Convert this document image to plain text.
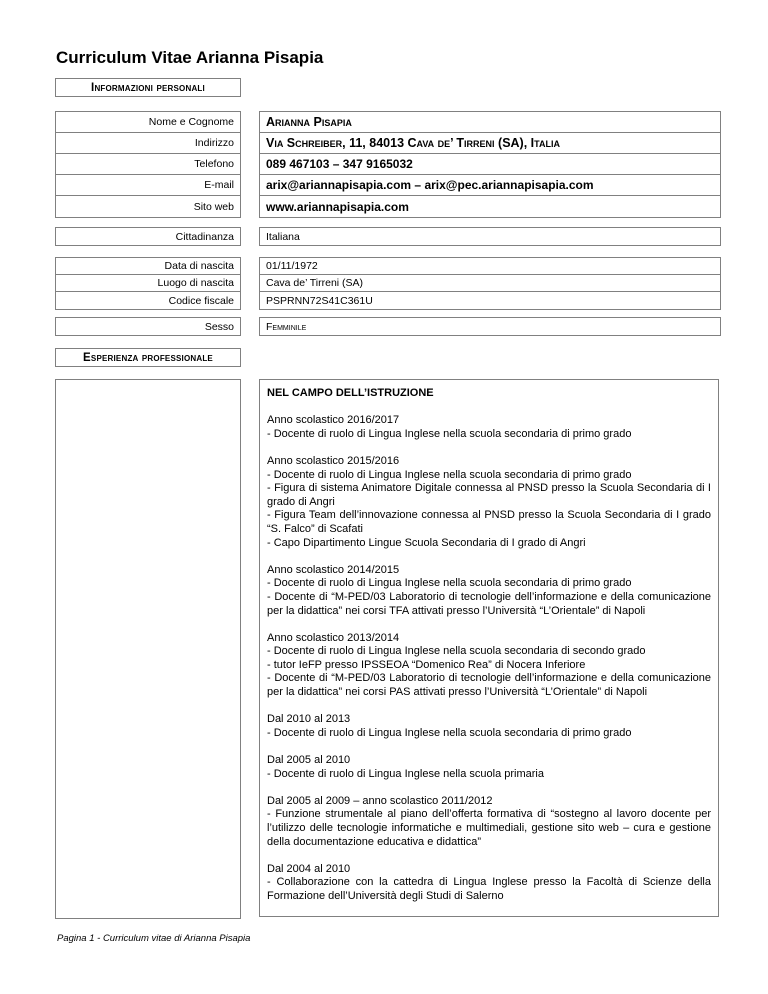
Curriculum Vitae Arianna Pisapia
Informazioni personali
Nome e Cognome
Indirizzo
Telefono
E-mail
Sito web
Arianna Pisapia
Via Schreiber, 11, 84013 Cava de’ Tirreni (SA), Italia
089 467103 – 347 9165032
arix@ariannapisapia.com – arix@pec.ariannapisapia.com
www.ariannapisapia.com
Cittadinanza	Italiana
Data di nascita
Luogo di nascita
Codice fiscale
01/11/1972
Cava de’ Tirreni (SA)
PSPRNN72S41C361U
Sesso	Femminile
Esperienza professionale
NEL CAMPO DELL’ISTRUZIONE
Anno scolastico 2016/2017
- Docente di ruolo di Lingua Inglese nella scuola secondaria di primo grado
Anno scolastico 2015/2016
- Docente di ruolo di Lingua Inglese nella scuola secondaria di primo grado
- Figura di sistema Animatore Digitale connessa al PNSD presso la Scuola Secondaria di I grado di Angri
- Figura Team dell’innovazione connessa al PNSD presso la Scuola Secondaria di I grado “S. Falco” di Scafati
- Capo Dipartimento Lingue Scuola Secondaria di I grado di Angri
Anno scolastico 2014/2015
- Docente di ruolo di Lingua Inglese nella scuola secondaria di primo grado
- Docente di “M-PED/03 Laboratorio di tecnologie dell’informazione e della comunicazione per la didattica” nei corsi TFA attivati presso l’Università “L’Orientale” di Napoli
Anno scolastico 2013/2014
- Docente di ruolo di Lingua Inglese nella scuola secondaria di secondo grado
- tutor IeFP presso IPSSEOA “Domenico Rea” di Nocera Inferiore
- Docente di “M-PED/03 Laboratorio di tecnologie dell’informazione e della comunicazione per la didattica” nei corsi PAS attivati presso l’Università “L’Orientale” di Napoli
Dal 2010 al 2013
- Docente di ruolo di Lingua Inglese nella scuola secondaria di primo grado
Dal 2005 al 2010
- Docente di ruolo di Lingua Inglese nella scuola primaria
Dal 2005 al 2009 – anno scolastico 2011/2012
- Funzione strumentale al piano dell’offerta formativa di “sostegno al lavoro docente per l’utilizzo delle tecnologie informatiche e multimediali, gestione sito web – cura e gestione della documentazione educativa e didattica”
Dal 2004 al 2010
- Collaborazione con la cattedra di Lingua Inglese presso la Facoltà di Scienze della Formazione dell’Università degli Studi di Salerno
Pagina 1 - Curriculum vitae di Arianna Pisapia
